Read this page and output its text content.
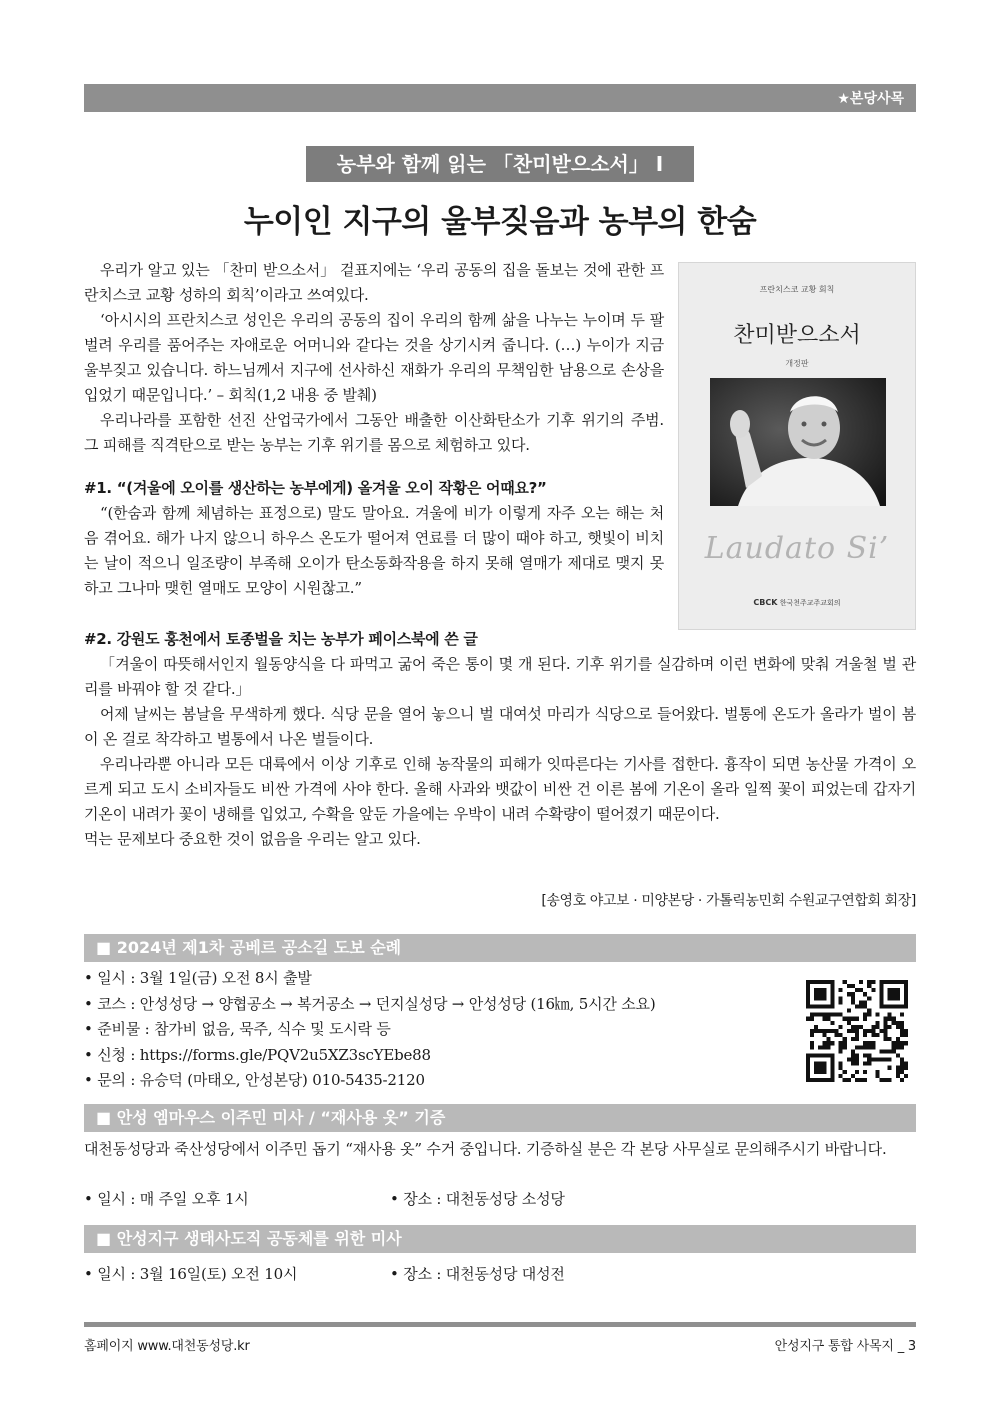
★본당사목
농부와 함께 읽는 「찬미받으소서」 Ⅰ
누이인 지구의 울부짖음과 농부의 한숨

우리가 알고 있는 「찬미 받으소서」 겉표지에는 ‘우리 공동의 집을 돌보는 것에 관한 프란치스코 교황 성하의 회칙’이라고 쓰여있다.

‘아시시의 프란치스코 성인은 우리의 공동의 집이 우리의 함께 삶을 나누는 누이며 두 팔 벌려 우리를 품어주는 자애로운 어머니와 같다는 것을 상기시켜 줍니다. (…) 누이가 지금 울부짖고 있습니다. 하느님께서 지구에 선사하신 재화가 우리의 무책임한 남용으로 손상을 입었기 때문입니다.’ – 회칙(1,2 내용 중 발췌)

우리나라를 포함한 선진 산업국가에서 그동안 배출한 이산화탄소가 기후 위기의 주범. 그 피해를 직격탄으로 받는 농부는 기후 위기를 몸으로 체험하고 있다.

#1. “(겨울에 오이를 생산하는 농부에게) 올겨울 오이 작황은 어때요?”

“(한숨과 함께 체념하는 표정으로) 말도 말아요. 겨울에 비가 이렇게 자주 오는 해는 처음 겪어요. 해가 나지 않으니 하우스 온도가 떨어져 연료를 더 많이 때야 하고, 햇빛이 비치는 날이 적으니 일조량이 부족해 오이가 탄소동화작용을 하지 못해 열매가 제대로 맺지 못하고 그나마 맺힌 열매도 모양이 시원찮고.”

프란치스코 교황 회칙
찬미받으소서
개정판
Laudato Si’
CBCK 한국천주교주교회의
#2. 강원도 홍천에서 토종벌을 치는 농부가 페이스북에 쓴 글

「겨울이 따뜻해서인지 월동양식을 다 파먹고 굶어 죽은 통이 몇 개 된다. 기후 위기를 실감하며 이런 변화에 맞춰 겨울철 벌 관리를 바꿔야 할 것 같다.」

어제 날씨는 봄날을 무색하게 했다. 식당 문을 열어 놓으니 벌 대여섯 마리가 식당으로 들어왔다. 벌통에 온도가 올라가 벌이 봄이 온 걸로 착각하고 벌통에서 나온 벌들이다.

우리나라뿐 아니라 모든 대륙에서 이상 기후로 인해 농작물의 피해가 잇따른다는 기사를 접한다. 흉작이 되면 농산물 가격이 오르게 되고 도시 소비자들도 비싼 가격에 사야 한다. 올해 사과와 뱃값이 비싼 건 이른 봄에 기온이 올라 일찍 꽃이 피었는데 갑자기 기온이 내려가 꽃이 냉해를 입었고, 수확을 앞둔 가을에는 우박이 내려 수확량이 떨어졌기 때문이다.

먹는 문제보다 중요한 것이 없음을 우리는 알고 있다.

[송영호 야고보 · 미양본당 · 가톨릭농민회 수원교구연합회 회장]
■ 2024년 제1차 공베르 공소길 도보 순례
• 일시 : 3월 1일(금) 오전 8시 출발
• 코스 : 안성성당 → 양협공소 → 복거공소 → 던지실성당 → 안성성당 (16㎞, 5시간 소요)
• 준비물 : 참가비 없음, 묵주, 식수 및 도시락 등
• 신청 : https://forms.gle/PQV2u5XZ3scYEbe88
• 문의 : 유승덕 (마태오, 안성본당) 010-5435-2120
■ 안성 엠마우스 이주민 미사 / “재사용 옷” 기증
대천동성당과 죽산성당에서 이주민 돕기 “재사용 옷” 수거 중입니다. 기증하실 분은 각 본당 사무실로 문의해주시기 바랍니다.
• 일시 : 매 주일 오후 1시	• 장소 : 대천동성당 소성당
■ 안성지구 생태사도직 공동체를 위한 미사
• 일시 : 3월 16일(토) 오전 10시	• 장소 : 대천동성당 대성전
홈페이지 www.대천동성당.kr	안성지구 통합 사목지 _ 3
